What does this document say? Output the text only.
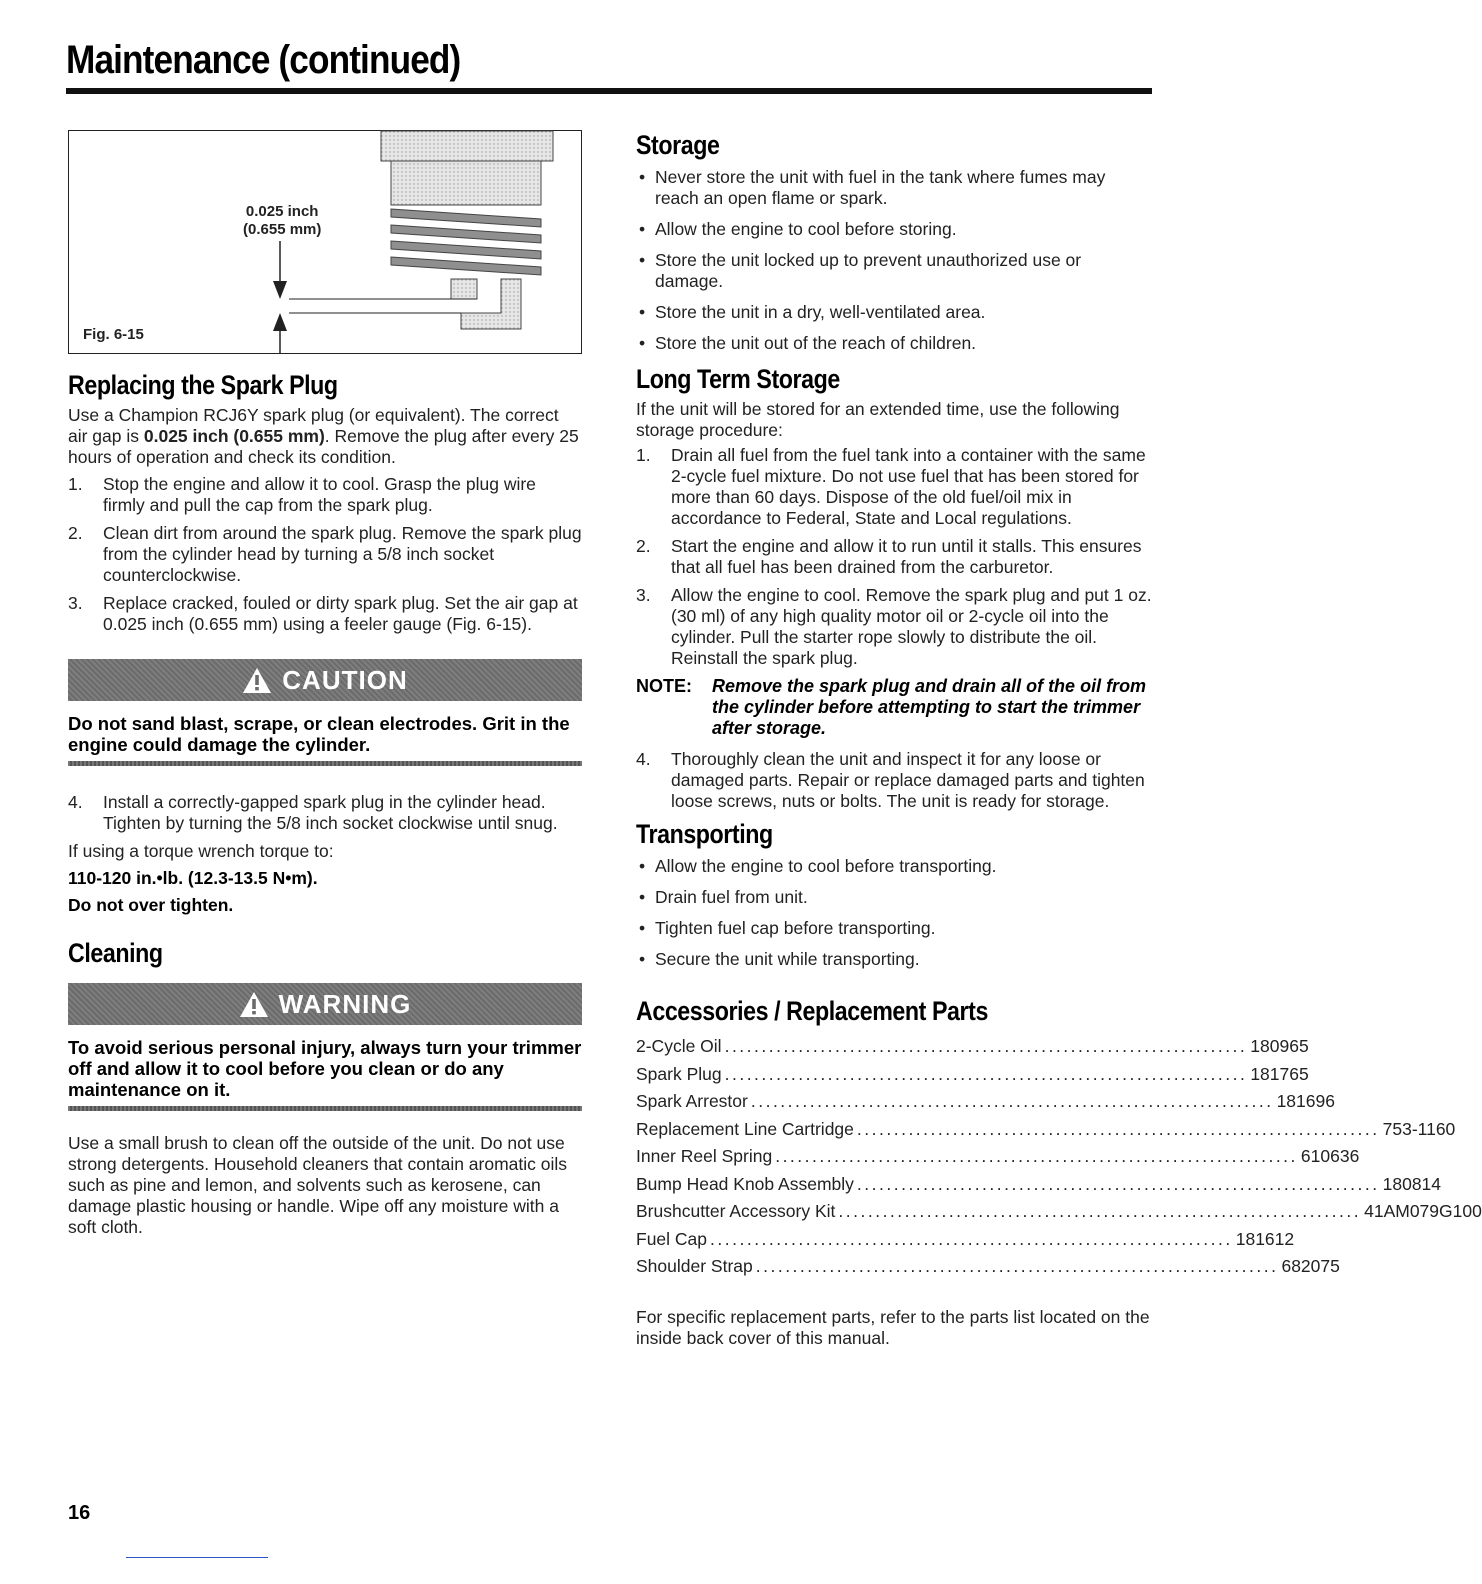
Maintenance (continued)
0.025 inch
(0.655 mm)
Fig. 6-15
Replacing the Spark Plug

Use a Champion RCJ6Y spark plug (or equivalent). The correct air gap is 0.025 inch (0.655 mm). Remove the plug after every 25 hours of operation and check its condition.

1. Stop the engine and allow it to cool. Grasp the plug wire firmly and pull the cap from the spark plug.
2. Clean dirt from around the spark plug. Remove the spark plug from the cylinder head by turning a 5/8 inch socket counterclockwise.
3. Replace cracked, fouled or dirty spark plug. Set the air gap at 0.025 inch (0.655 mm) using a feeler gauge (Fig. 6-15).
CAUTION

Do not sand blast, scrape, or clean electrodes. Grit in the engine could damage the cylinder.

4. Install a correctly-gapped spark plug in the cylinder head. Tighten by turning the 5/8 inch socket clockwise until snug.

If using a torque wrench torque to:

110-120 in.•lb. (12.3-13.5 N•m).
Do not over tighten.
Cleaning
WARNING

To avoid serious personal injury, always turn your trimmer off and allow it to cool before you clean or do any maintenance on it.

Use a small brush to clean off the outside of the unit. Do not use strong detergents. Household cleaners that contain aromatic oils such as pine and lemon, and solvents such as kerosene, can damage plastic housing or handle. Wipe off any moisture with a soft cloth.

Storage
• Never store the unit with fuel in the tank where fumes may reach an open flame or spark.
• Allow the engine to cool before storing.
• Store the unit locked up to prevent unauthorized use or damage.
• Store the unit in a dry, well-ventilated area.
• Store the unit out of the reach of children.
Long Term Storage

If the unit will be stored for an extended time, use the following storage procedure:

1. Drain all fuel from the fuel tank into a container with the same 2-cycle fuel mixture. Do not use fuel that has been stored for more than 60 days. Dispose of the old fuel/oil mix in accordance to Federal, State and Local regulations.
2. Start the engine and allow it to run until it stalls. This ensures that all fuel has been drained from the carburetor.
3. Allow the engine to cool. Remove the spark plug and put 1 oz. (30 ml) of any high quality motor oil or 2-cycle oil into the cylinder. Pull the starter rope slowly to distribute the oil. Reinstall the spark plug.
NOTE:	Remove the spark plug and drain all of the oil from the cylinder before attempting to start the trimmer after storage.
4. Thoroughly clean the unit and inspect it for any loose or damaged parts. Repair or replace damaged parts and tighten loose screws, nuts or bolts. The unit is ready for storage.
Transporting
• Allow the engine to cool before transporting.
• Drain fuel from unit.
• Tighten fuel cap before transporting.
• Secure the unit while transporting.
Accessories / Replacement Parts
2-Cycle Oil ....................................................................... 180965
Spark Plug ....................................................................... 181765
Spark Arrestor ....................................................................... 181696
Replacement Line Cartridge ....................................................................... 753-1160
Inner Reel Spring ....................................................................... 610636
Bump Head Knob Assembly ....................................................................... 180814
Brushcutter Accessory Kit ....................................................................... 41AM079G100
Fuel Cap ....................................................................... 181612
Shoulder Strap ....................................................................... 682075

For specific replacement parts, refer to the parts list located on the inside back cover of this manual.

16
